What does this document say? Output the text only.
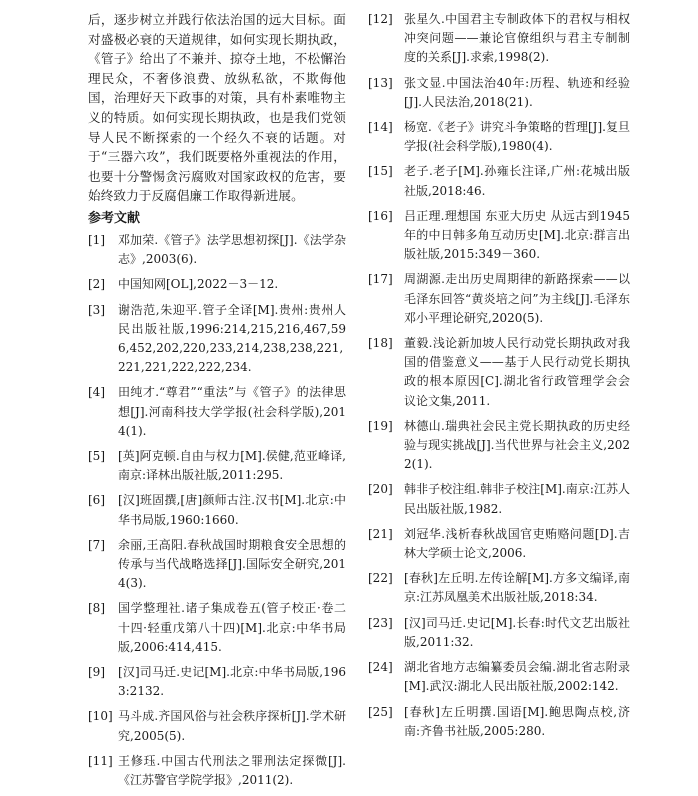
后，逐步树立并践行依法治国的远大目标。面对盛极必衰的天道规律，如何实现长期执政，《管子》给出了不兼并、掠夺土地，不松懈治理民众，不奢侈浪费、放纵私欲，不欺侮他国，治理好天下政事的对策，具有朴素唯物主义的特质。如何实现长期执政，也是我们党领导人民不断探索的一个经久不衰的话题。对于“三器六攻”，我们既要格外重视法的作用，也要十分警惕贪污腐败对国家政权的危害，要始终致力于反腐倡廉工作取得新进展。

参考文献
[1]	邓加荣.《管子》法学思想初探[J].《法学杂志》,2003(6).
[2]	中国知网[OL],2022－3－12.
[3]	谢浩范,朱迎平.管子全译[M].贵州:贵州人民出版社版,1996:214,215,216,467,596,452,202,220,233,214,238,238,221,221,221,222,222,234.
[4]	田纯才.“尊君”“重法”与《管子》的法律思想[J].河南科技大学学报(社会科学版),2014(1).
[5]	[英]阿克顿.自由与权力[M].侯健,范亚峰译,南京:译林出版社版,2011:295.
[6]	[汉]班固撰,[唐]颜师古注.汉书[M].北京:中华书局版,1960:1660.
[7]	余丽,王高阳.春秋战国时期粮食安全思想的传承与当代战略选择[J].国际安全研究,2014(3).
[8]	国学整理社.诸子集成卷五(管子校正·卷二十四·轻重戊第八十四)[M].北京:中华书局版,2006:414,415.
[9]	[汉]司马迁.史记[M].北京:中华书局版,1963:2132.
[10] 马斗成.齐国风俗与社会秩序探析[J].学术研究,2005(5).
[11] 王修珏.中国古代刑法之罪刑法定探微[J].《江苏警官学院学报》,2011(2).
[12] 张星久.中国君主专制政体下的君权与相权冲突问题——兼论官僚组织与君主专制制度的关系[J].求索,1998(2).
[13] 张文显.中国法治40年:历程、轨迹和经验[J].人民法治,2018(21).
[14] 杨宽.《老子》讲究斗争策略的哲理[J].复旦学报(社会科学版),1980(4).
[15] 老子.老子[M].孙雍长注译,广州:花城出版社版,2018:46.
[16] 吕正理.理想国 东亚大历史 从远古到1945年的中日韩多角互动历史[M].北京:群言出版社版,2015:349－360.
[17] 周湖源.走出历史周期律的新路探索——以毛泽东回答“黄炎培之问”为主线[J].毛泽东邓小平理论研究,2020(5).
[18] 董毅.浅论新加坡人民行动党长期执政对我国的借鉴意义——基于人民行动党长期执政的根本原因[C].湖北省行政管理学会会议论文集,2011.
[19] 林德山.瑞典社会民主党长期执政的历史经验与现实挑战[J].当代世界与社会主义,2022(1).
[20] 韩非子校注组.韩非子校注[M].南京:江苏人民出版社版,1982.
[21] 刘冠华.浅析春秋战国官吏贿赂问题[D].吉林大学硕士论文,2006.
[22] [春秋]左丘明.左传诠解[M].方多文编译,南京:江苏凤凰美术出版社版,2018:34.
[23] [汉]司马迁.史记[M].长春:时代文艺出版社版,2011:32.
[24] 湖北省地方志编纂委员会编.湖北省志附录[M].武汉:湖北人民出版社版,2002:142.
[25] [春秋]左丘明撰.国语[M].鲍思陶点校,济南:齐鲁书社版,2005:280.
